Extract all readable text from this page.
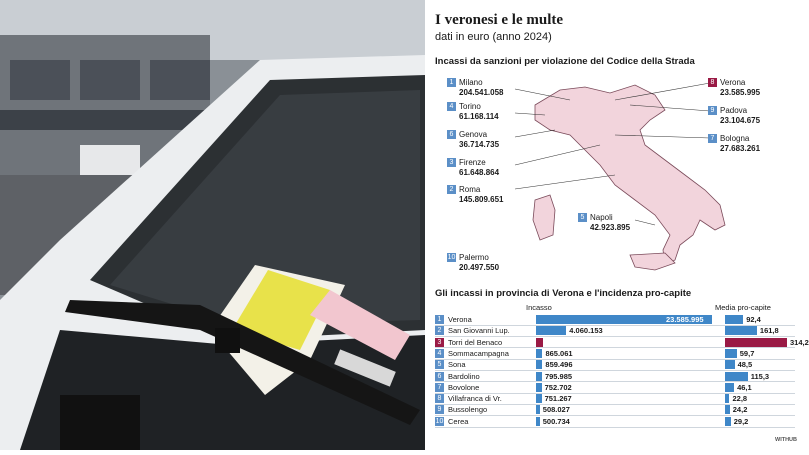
I veronesi e le multe
dati in euro (anno 2024)
Incassi da sanzioni per violazione del Codice della Strada
1 Milano
204.541.058
4 Torino
61.168.114
6 Genova
36.714.735
3 Firenze
61.648.864
2 Roma
145.809.651
10 Palermo
20.497.550
8 Verona
23.585.995
9 Padova
23.104.675
7 Bologna
27.683.261
5 Napoli
42.923.895
Gli incassi in provincia di Verona e l'incidenza pro-capite
Incasso	Media pro-capite
1 Verona	23.585.995	92,4
2 San Giovanni Lup.	4.060.153	161,8
3 Torri del Benaco	907.228	314,2
4 Sommacampagna	865.061	59,7
5 Sona	859.496	48,5
6 Bardolino	795.985	115,3
7 Bovolone	752.702	46,1
8 Villafranca di Vr.	751.267	22,8
9 Bussolengo	508.027	24,2
10 Cerea	500.734	29,2
WITHUB
